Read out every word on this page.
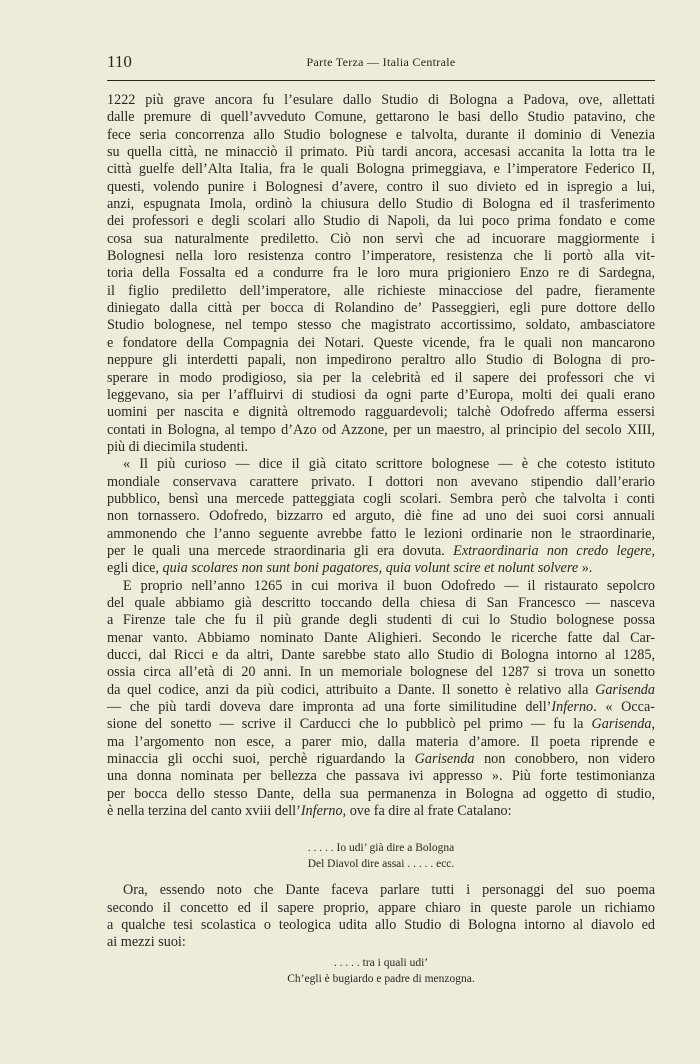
110	Parte Terza — Italia Centrale
1222 più grave ancora fu l’esulare dallo Studio di Bologna a Padova, ove, allettati
dalle premure di quell’avveduto Comune, gettarono le basi dello Studio patavino, che
fece seria concorrenza allo Studio bolognese e talvolta, durante il dominio di Venezia
su quella città, ne minacciò il primato. Più tardi ancora, accesasi accanita la lotta tra le
città guelfe dell’Alta Italia, fra le quali Bologna primeggiava, e l’imperatore Federico II,
questi, volendo punire i Bolognesi d’avere, contro il suo divieto ed in ispregio a lui,
anzi, espugnata Imola, ordinò la chiusura dello Studio di Bologna ed il trasferimento
dei professori e degli scolari allo Studio di Napoli, da lui poco prima fondato e come
cosa sua naturalmente prediletto. Ciò non servì che ad incuorare maggiormente i
Bolognesi nella loro resistenza contro l’imperatore, resistenza che li portò alla vit-
toria della Fossalta ed a condurre fra le loro mura prigioniero Enzo re di Sardegna,
il figlio prediletto dell’imperatore, alle richieste minacciose del padre, fieramente
diniegato dalla città per bocca di Rolandino de’ Passeggieri, egli pure dottore dello
Studio bolognese, nel tempo stesso che magistrato accortissimo, soldato, ambasciatore
e fondatore della Compagnia dei Notari. Queste vicende, fra le quali non mancarono
neppure gli interdetti papali, non impedirono peraltro allo Studio di Bologna di pro-
sperare in modo prodigioso, sia per la celebrità ed il sapere dei professori che vi
leggevano, sia per l’affluirvi di studiosi da ogni parte d’Europa, molti dei quali erano
uomini per nascita e dignità oltremodo ragguardevoli; talchè Odofredo afferma essersi
contati in Bologna, al tempo d’Azo od Azzone, per un maestro, al principio del secolo XIII,
più di diecimila studenti.
« Il più curioso — dice il già citato scrittore bolognese — è che cotesto istituto
mondiale conservava carattere privato. I dottori non avevano stipendio dall’erario
pubblico, bensì una mercede patteggiata cogli scolari. Sembra però che talvolta i conti
non tornassero. Odofredo, bizzarro ed arguto, diè fine ad uno dei suoi corsi annuali
ammonendo che l’anno seguente avrebbe fatto le lezioni ordinarie non le straordinarie,
per le quali una mercede straordinaria gli era dovuta. Extraordinaria non credo legere,
egli dice, quia scolares non sunt boni pagatores, quia volunt scire et nolunt solvere ».
E proprio nell’anno 1265 in cui moriva il buon Odofredo — il ristaurato sepolcro
del quale abbiamo già descritto toccando della chiesa di San Francesco — nasceva
a Firenze tale che fu il più grande degli studenti di cui lo Studio bolognese possa
menar vanto. Abbiamo nominato Dante Alighieri. Secondo le ricerche fatte dal Car-
ducci, dal Ricci e da altri, Dante sarebbe stato allo Studio di Bologna intorno al 1285,
ossia circa all’età di 20 anni. In un memoriale bolognese del 1287 si trova un sonetto
da quel codice, anzi da più codici, attribuito a Dante. Il sonetto è relativo alla Garisenda
— che più tardi doveva dare impronta ad una forte similitudine dell’Inferno. « Occa-
sione del sonetto — scrive il Carducci che lo pubblicò pel primo — fu la Garisenda,
ma l’argomento non esce, a parer mio, dalla materia d’amore. Il poeta riprende e
minaccia gli occhi suoi, perchè riguardando la Garisenda non conobbero, non videro
una donna nominata per bellezza che passava ivi appresso ». Più forte testimonianza
per bocca dello stesso Dante, della sua permanenza in Bologna ad oggetto di studio,
è nella terzina del canto xviii dell’Inferno, ove fa dire al frate Catalano:
. . . . . Io udi’ già dire a Bologna
Del Diavol dire assai . . . . . ecc.
Ora, essendo noto che Dante faceva parlare tutti i personaggi del suo poema
secondo il concetto ed il sapere proprio, appare chiaro in queste parole un richiamo
a qualche tesi scolastica o teologica udita allo Studio di Bologna intorno al diavolo ed
ai mezzi suoi:
. . . . . tra i quali udi’
Ch’egli è bugiardo e padre di menzogna.
